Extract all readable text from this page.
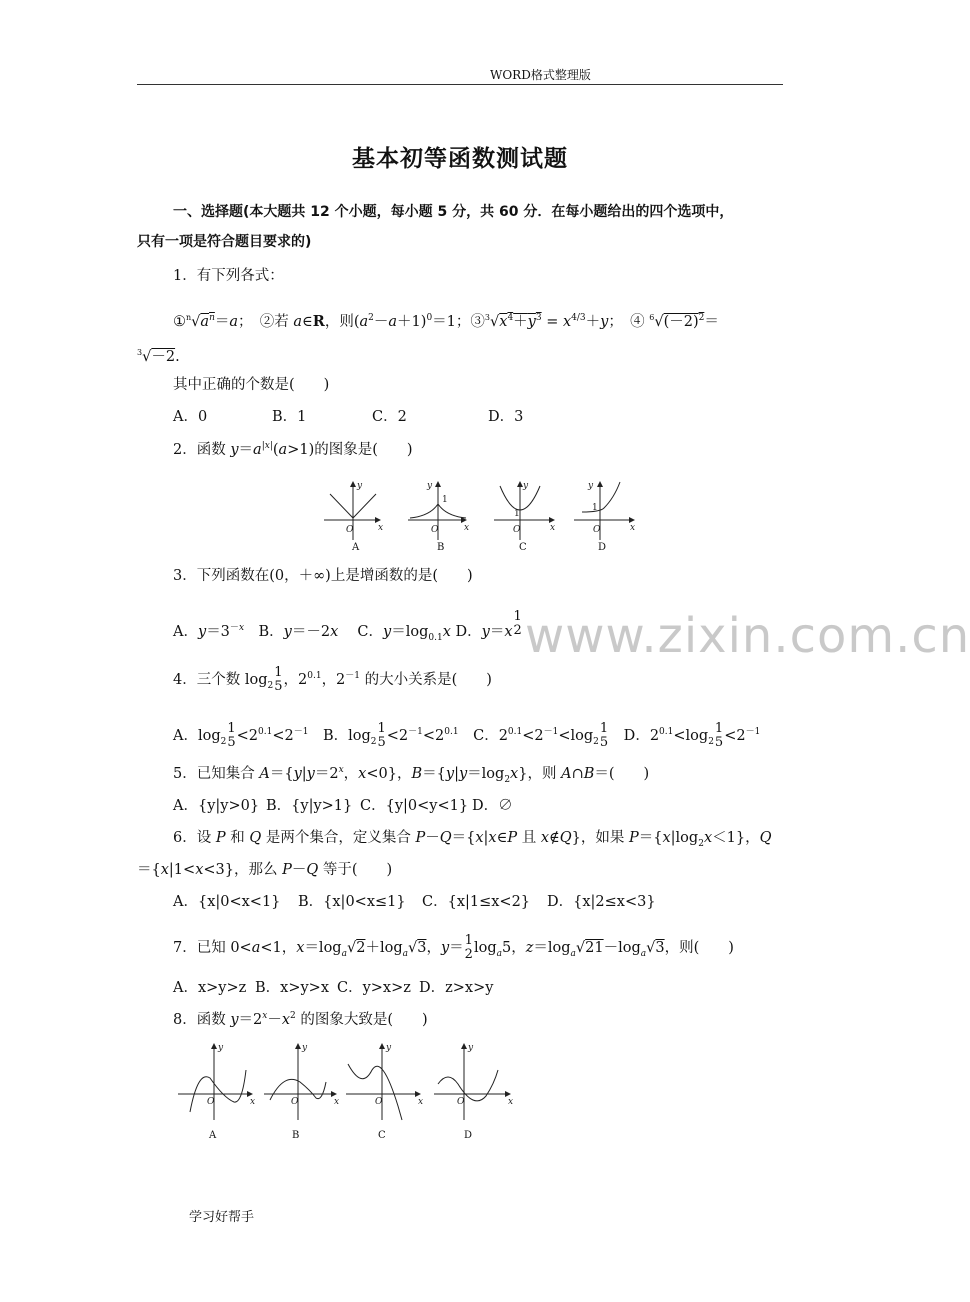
WORD格式整理版
基本初等函数测试题
一、选择题(本大题共 12 个小题，每小题 5 分，共 60 分．在每小题给出的四个选项中，
只有一项是符合题目要求的)
1．有下列各式：
$①^n√a^n=a$；　②若 a∈R，则$(a^2-a+1)^0=1$；$③^3√x^4+y^3 = x^{4/3}+y$；　④ $^6√(-2)^2=$
$^3$√－2.
其中正确的个数是(　　)
A．0	B．1	C．2	D．3
2．函数 $y=a^{|x|}(a>1)$的图象是(　　)
O	x
y
O	x
y
1
O	x
y
1
O	x
y
1
A	B	C	D
3．下列函数在(0，＋∞)上是增函数的是(　　)
A．$y=3^{-x}$　B．y＝－2x　 C．$y=\log_{0.1}x$ D．y＝x
1
2 www.zixin.com.cn
4．三个数 $\log_2$
1
5 ，$2^{0.1}$，$2^{-1}$ 的大小关系是(　　)
A．$\log_2$
1
$5 <2^{0.1}<2^{-1}$　B．$\log_2$
1
$5 <2^{-1}<2^{0.1}$　C．$2^{0.1}<2^{-1}<\log_2$
1
5 　D．$2^{0.1}<\log_2$
1
$5 <2^{-1}$
5．已知集合 $A=\{y|y=2^x$，x<0}，$B=\{y|y=\log_2x\}$，则 A∩B＝(　　)
A．{y|y>0} B．{y|y>1} C．{y|0<y<1} D．∅
6．设 P 和 Q 是两个集合，定义集合 P－Q＝{x|x∈P 且 x∉Q}，如果 $P=\{x|\log_2x<1\}$，Q
＝{x|1<x<3}，那么 P－Q 等于(　　)
A．{x|0<x<1} B．{x|0<x≤1} C．{x|1≤x<2} D．{x|2≤x<3}
7．已知 0<a<1，$x=\log_a√2+\log_a√3$，y＝ 1
2 $\log_a5$，$z=\log_a√21-\log_a√3$，则(　　)
A．x>y>z B．x>y>x C．y>x>z D．z>x>y
8．函数 $y=2^x-x^2$ 的图象大致是(　　)
O	x
y
O	x
y
O	x
y
O	x
y
A	B	C	D
学习好帮手
